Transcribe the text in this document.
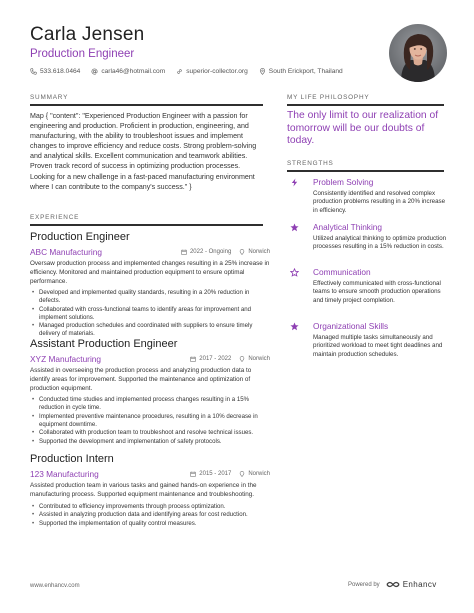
Carla Jensen
Production Engineer
533.618.0464	carla46@hotmail.com	superior-collector.org	South Erickport, Thailand
SUMMARY
Map { "content": "Experienced Production Engineer with a passion for engineering and production. Proficient in production, engineering, and manufacturing, with the ability to troubleshoot issues and implement changes to improve efficiency and reduce costs. Strong problem-solving and analytical skills. Excellent communication and teamwork abilities. Proven track record of success in optimizing production processes. Looking for a new challenge in a fast-paced manufacturing environment where I can contribute to the company's success." }
EXPERIENCE
Production Engineer
ABC Manufacturing	2022 - Ongoing	Norwich
Oversaw production process and implemented changes resulting in a 25% increase in efficiency. Monitored and maintained production equipment to ensure optimal performance.
• Developed and implemented quality standards, resulting in a 20% reduction in defects.
• Collaborated with cross-functional teams to identify areas for improvement and implement solutions.
• Managed production schedules and coordinated with suppliers to ensure timely delivery of materials.
Assistant Production Engineer
XYZ Manufacturing	2017 - 2022	Norwich
Assisted in overseeing the production process and analyzing production data to identify areas for improvement. Supported the maintenance and optimization of production equipment.
• Conducted time studies and implemented process changes resulting in a 15% reduction in cycle time.
• Implemented preventive maintenance procedures, resulting in a 10% decrease in equipment downtime.
• Collaborated with production team to troubleshoot and resolve technical issues.
• Supported the development and implementation of safety protocols.
Production Intern
123 Manufacturing	2015 - 2017	Norwich
Assisted production team in various tasks and gained hands-on experience in the manufacturing process. Supported equipment maintenance and troubleshooting.
• Contributed to efficiency improvements through process optimization.
• Assisted in analyzing production data and identifying areas for cost reduction.
• Supported the implementation of quality control measures.
MY LIFE PHILOSOPHY
The only limit to our realization of tomorrow will be our doubts of today.
STRENGTHS
Problem Solving
Consistently identified and resolved complex production problems resulting in a 20% increase in efficiency.
Analytical Thinking
Utilized analytical thinking to optimize production processes resulting in a 15% reduction in costs.
Communication
Effectively communicated with cross-functional teams to ensure smooth production operations and timely project completion.
Organizational Skills
Managed multiple tasks simultaneously and prioritized workload to meet tight deadlines and maintain production schedules.
www.enhancv.com	Powered by	Enhancv
